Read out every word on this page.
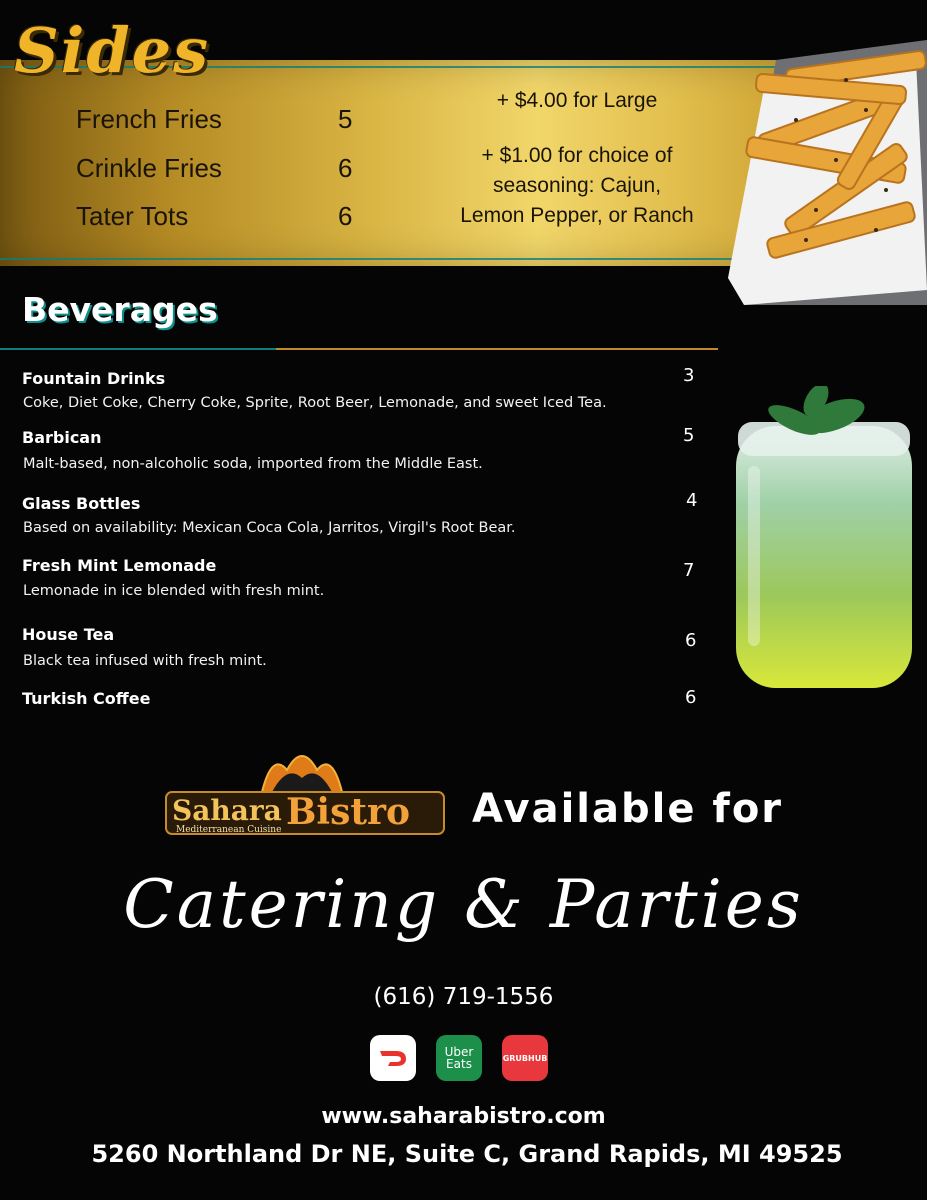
Sides
French Fries	5
Crinkle Fries	6
Tater Tots	6
+ $4.00 for Large
+ $1.00 for choice of
seasoning: Cajun,
Lemon Pepper, or Ranch
Beverages
Fountain Drinks
Coke, Diet Coke, Cherry Coke, Sprite, Root Beer, Lemonade, and sweet Iced Tea.
3
Barbican
Malt-based, non-alcoholic soda, imported from the Middle East.
5
Glass Bottles
Based on availability: Mexican Coca Cola, Jarritos, Virgil's Root Bear.
4
Fresh Mint Lemonade
Lemonade in ice blended with fresh mint.
7
House Tea
Black tea infused with fresh mint.
6
Turkish Coffee	6
Sahara Bistro
Mediterranean Cuisine	Available for
Catering & Parties
(616) 719-1556
Uber
Eats	GRUBHUB
www.saharabistro.com
5260 Northland Dr NE, Suite C, Grand Rapids, MI 49525
